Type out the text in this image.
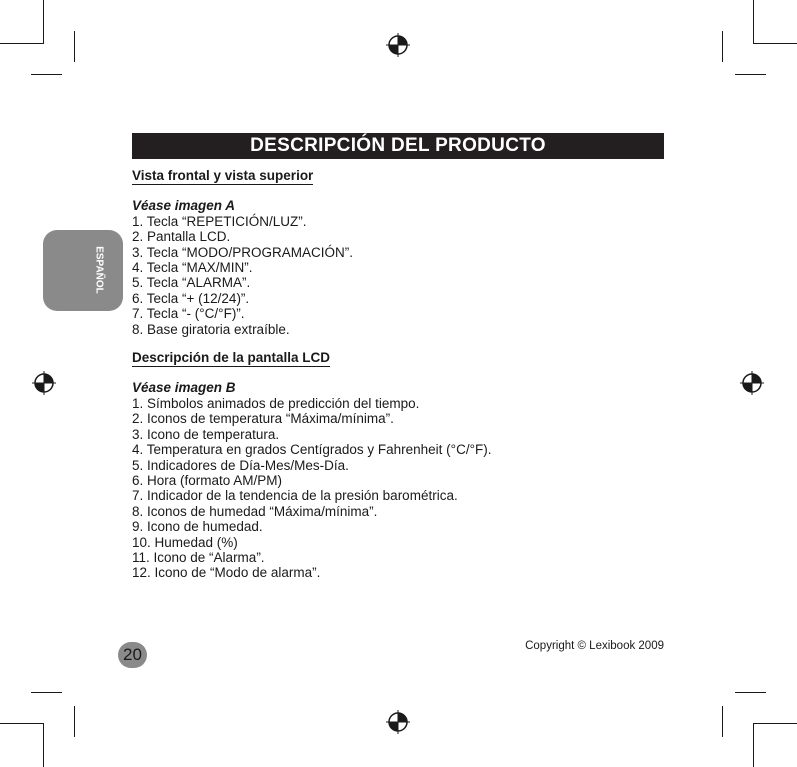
DESCRIPCIÓN DEL PRODUCTO
ESPAÑOL
Vista frontal y vista superior
Véase imagen A
1. Tecla “REPETICIÓN/LUZ”.
2. Pantalla LCD.
3. Tecla “MODO/PROGRAMACIÓN”.
4. Tecla “MAX/MIN”.
5. Tecla “ALARMA”.
6. Tecla “+ (12/24)”.
7. Tecla “- (°C/°F)”.
8. Base giratoria extraíble.
Descripción de la pantalla LCD
Véase imagen B
1. Símbolos animados de predicción del tiempo.
2. Iconos de temperatura “Máxima/mínima”.
3. Icono de temperatura.
4. Temperatura en grados Centígrados y Fahrenheit (°C/°F).
5. Indicadores de Día-Mes/Mes-Día.
6. Hora (formato AM/PM)
7. Indicador de la tendencia de la presión barométrica.
8. Iconos de humedad “Máxima/mínima”.
9. Icono de humedad.
10. Humedad (%)
11. Icono de “Alarma”.
12. Icono de “Modo de alarma”.
20	Copyright © Lexibook 2009
